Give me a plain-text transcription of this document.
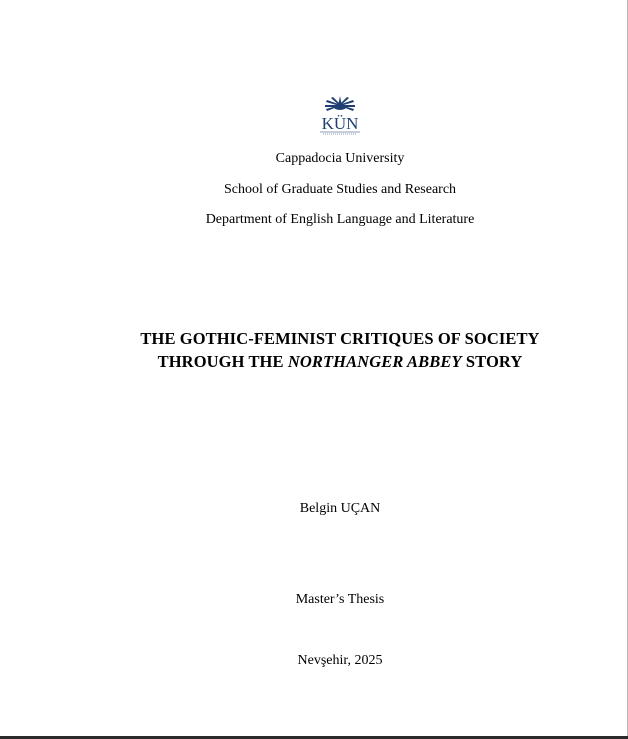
KÜN
Cappadocia University
School of Graduate Studies and Research
Department of English Language and Literature
THE GOTHIC-FEMINIST CRITIQUES OF SOCIETY
THROUGH THE NORTHANGER ABBEY STORY
Belgin UÇAN
Master’s Thesis
Nevşehir, 2025
